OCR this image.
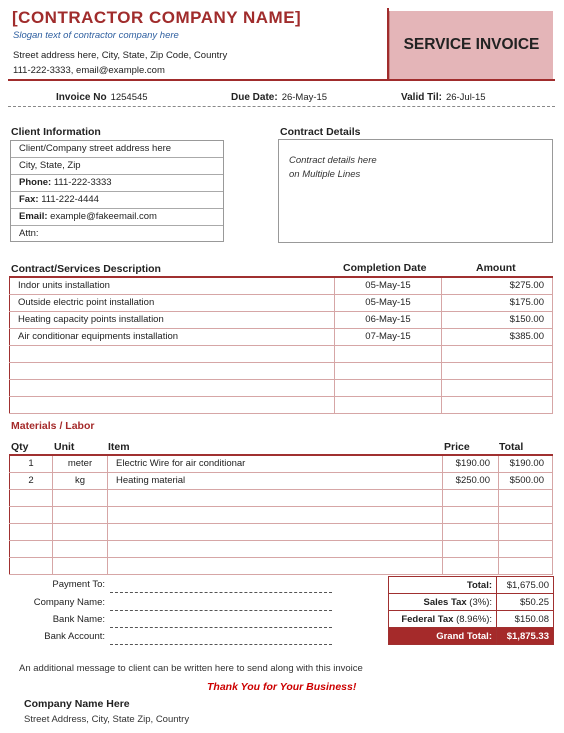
[CONTRACTOR COMPANY NAME]
Slogan text of contractor company here
Street address here, City, State, Zip Code, Country
111-222-3333, email@example.com
SERVICE INVOICE
Invoice No 1254545	Due Date: 26-May-15	Valid Til: 26-Jul-15
Client Information
Client/Company street address here
City, State, Zip
Phone: 111-222-3333
Fax: 111-222-4444
Email: example@fakeemail.com
Attn:
Contract Details
Contract details here
on Multiple Lines
Contract/Services Description	Completion Date	Amount
Indor units installation	05-May-15	$275.00
Outside electric point installation	05-May-15	$175.00
Heating capacity points installation	06-May-15	$150.00
Air conditionar equipments installation	07-May-15	$385.00

Materials / Labor
Qty Unit	Item	Price	Total
1	meter	Electric Wire for air conditionar	$190.00	$190.00
2	kg	Heating material	$250.00	$500.00

Payment To:
Company Name:
Bank Name:
Bank Account:
Total:	$1,675.00
Sales Tax (3%):	$50.25
Federal Tax (8.96%):	$150.08
Grand Total:	$1,875.33
An additional message to client can be written here to send along with this invoice
Thank You for Your Business!
Company Name Here
Street Address, City, State Zip, Country
